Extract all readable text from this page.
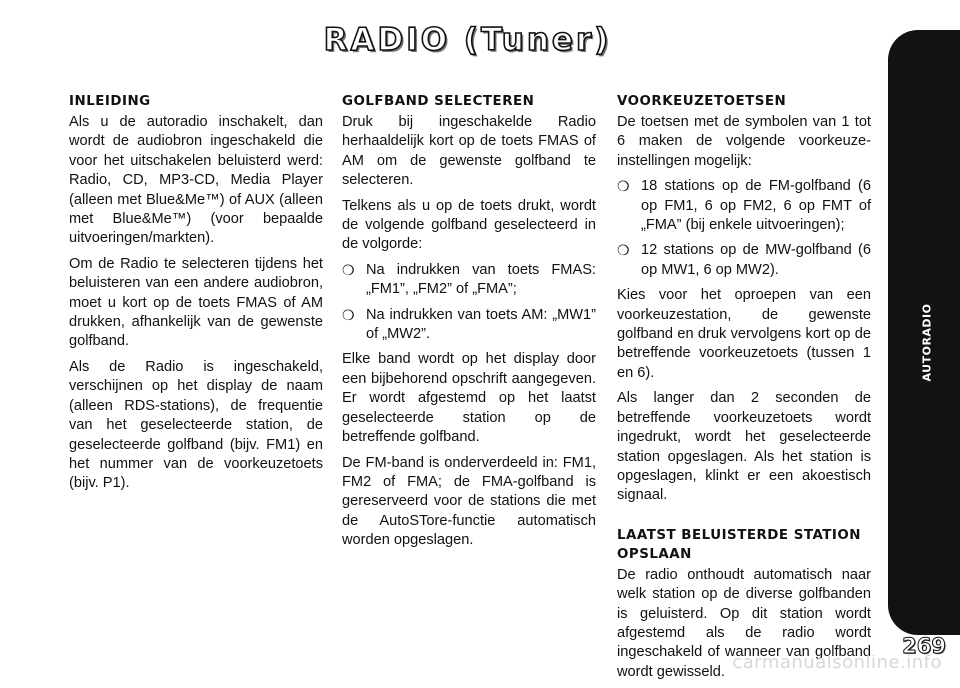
RADIO (Tuner)
INLEIDING

Als u de autoradio inschakelt, dan wordt de audiobron ingeschakeld die voor het uitschakelen beluisterd werd: Radio, CD, MP3-CD, Media Player (alleen met Blue&Me™) of AUX (alleen met Blue&Me™) (voor bepaalde uitvoeringen/markten).

Om de Radio te selecteren tijdens het beluisteren van een andere audiobron, moet u kort op de toets FMAS of AM drukken, afhankelijk van de gewenste golfband.

Als de Radio is ingeschakeld, verschijnen op het display de naam (alleen RDS-stations), de frequentie van het geselecteerde station, de geselecteerde golfband (bijv. FM1) en het nummer van de voorkeuzetoets (bijv. P1).

GOLFBAND SELECTEREN

Druk bij ingeschakelde Radio herhaaldelijk kort op de toets FMAS of AM om de gewenste golfband te selecteren.

Telkens als u op de toets drukt, wordt de volgende golfband geselecteerd in de volgorde:

❍ Na indrukken van toets FMAS: „FM1”, „FM2” of „FMA”;
❍ Na indrukken van toets AM: „MW1” of „MW2”.

Elke band wordt op het display door een bijbehorend opschrift aangegeven. Er wordt afgestemd op het laatst geselecteerde station op de betreffende golfband.

De FM-band is onderverdeeld in: FM1, FM2 of FMA; de FMA-golfband is gereserveerd voor de stations die met de AutoSTore-functie automatisch worden opgeslagen.

VOORKEUZETOETSEN

De toetsen met de symbolen van 1 tot 6 maken de volgende voorkeuze-instellingen mogelijk:

❍ 18 stations op de FM-golfband (6 op FM1, 6 op FM2, 6 op FMT of „FMA” (bij enkele uitvoeringen);
❍ 12 stations op de MW-golfband (6 op MW1, 6 op MW2).

Kies voor het oproepen van een voorkeuzestation, de gewenste golfband en druk vervolgens kort op de betreffende voorkeuzetoets (tussen 1 en 6).

Als langer dan 2 seconden de betreffende voorkeuzetoets wordt ingedrukt, wordt het geselecteerde station opgeslagen. Als het station is opgeslagen, klinkt er een akoestisch signaal.

LAATST BELUISTERDE STATION OPSLAAN

De radio onthoudt automatisch naar welk station op de diverse golfbanden is geluisterd. Op dit station wordt afgestemd als de radio wordt ingeschakeld of wanneer van golfband wordt gewisseld.

AUTORADIO
269
carmanualsonline.info
